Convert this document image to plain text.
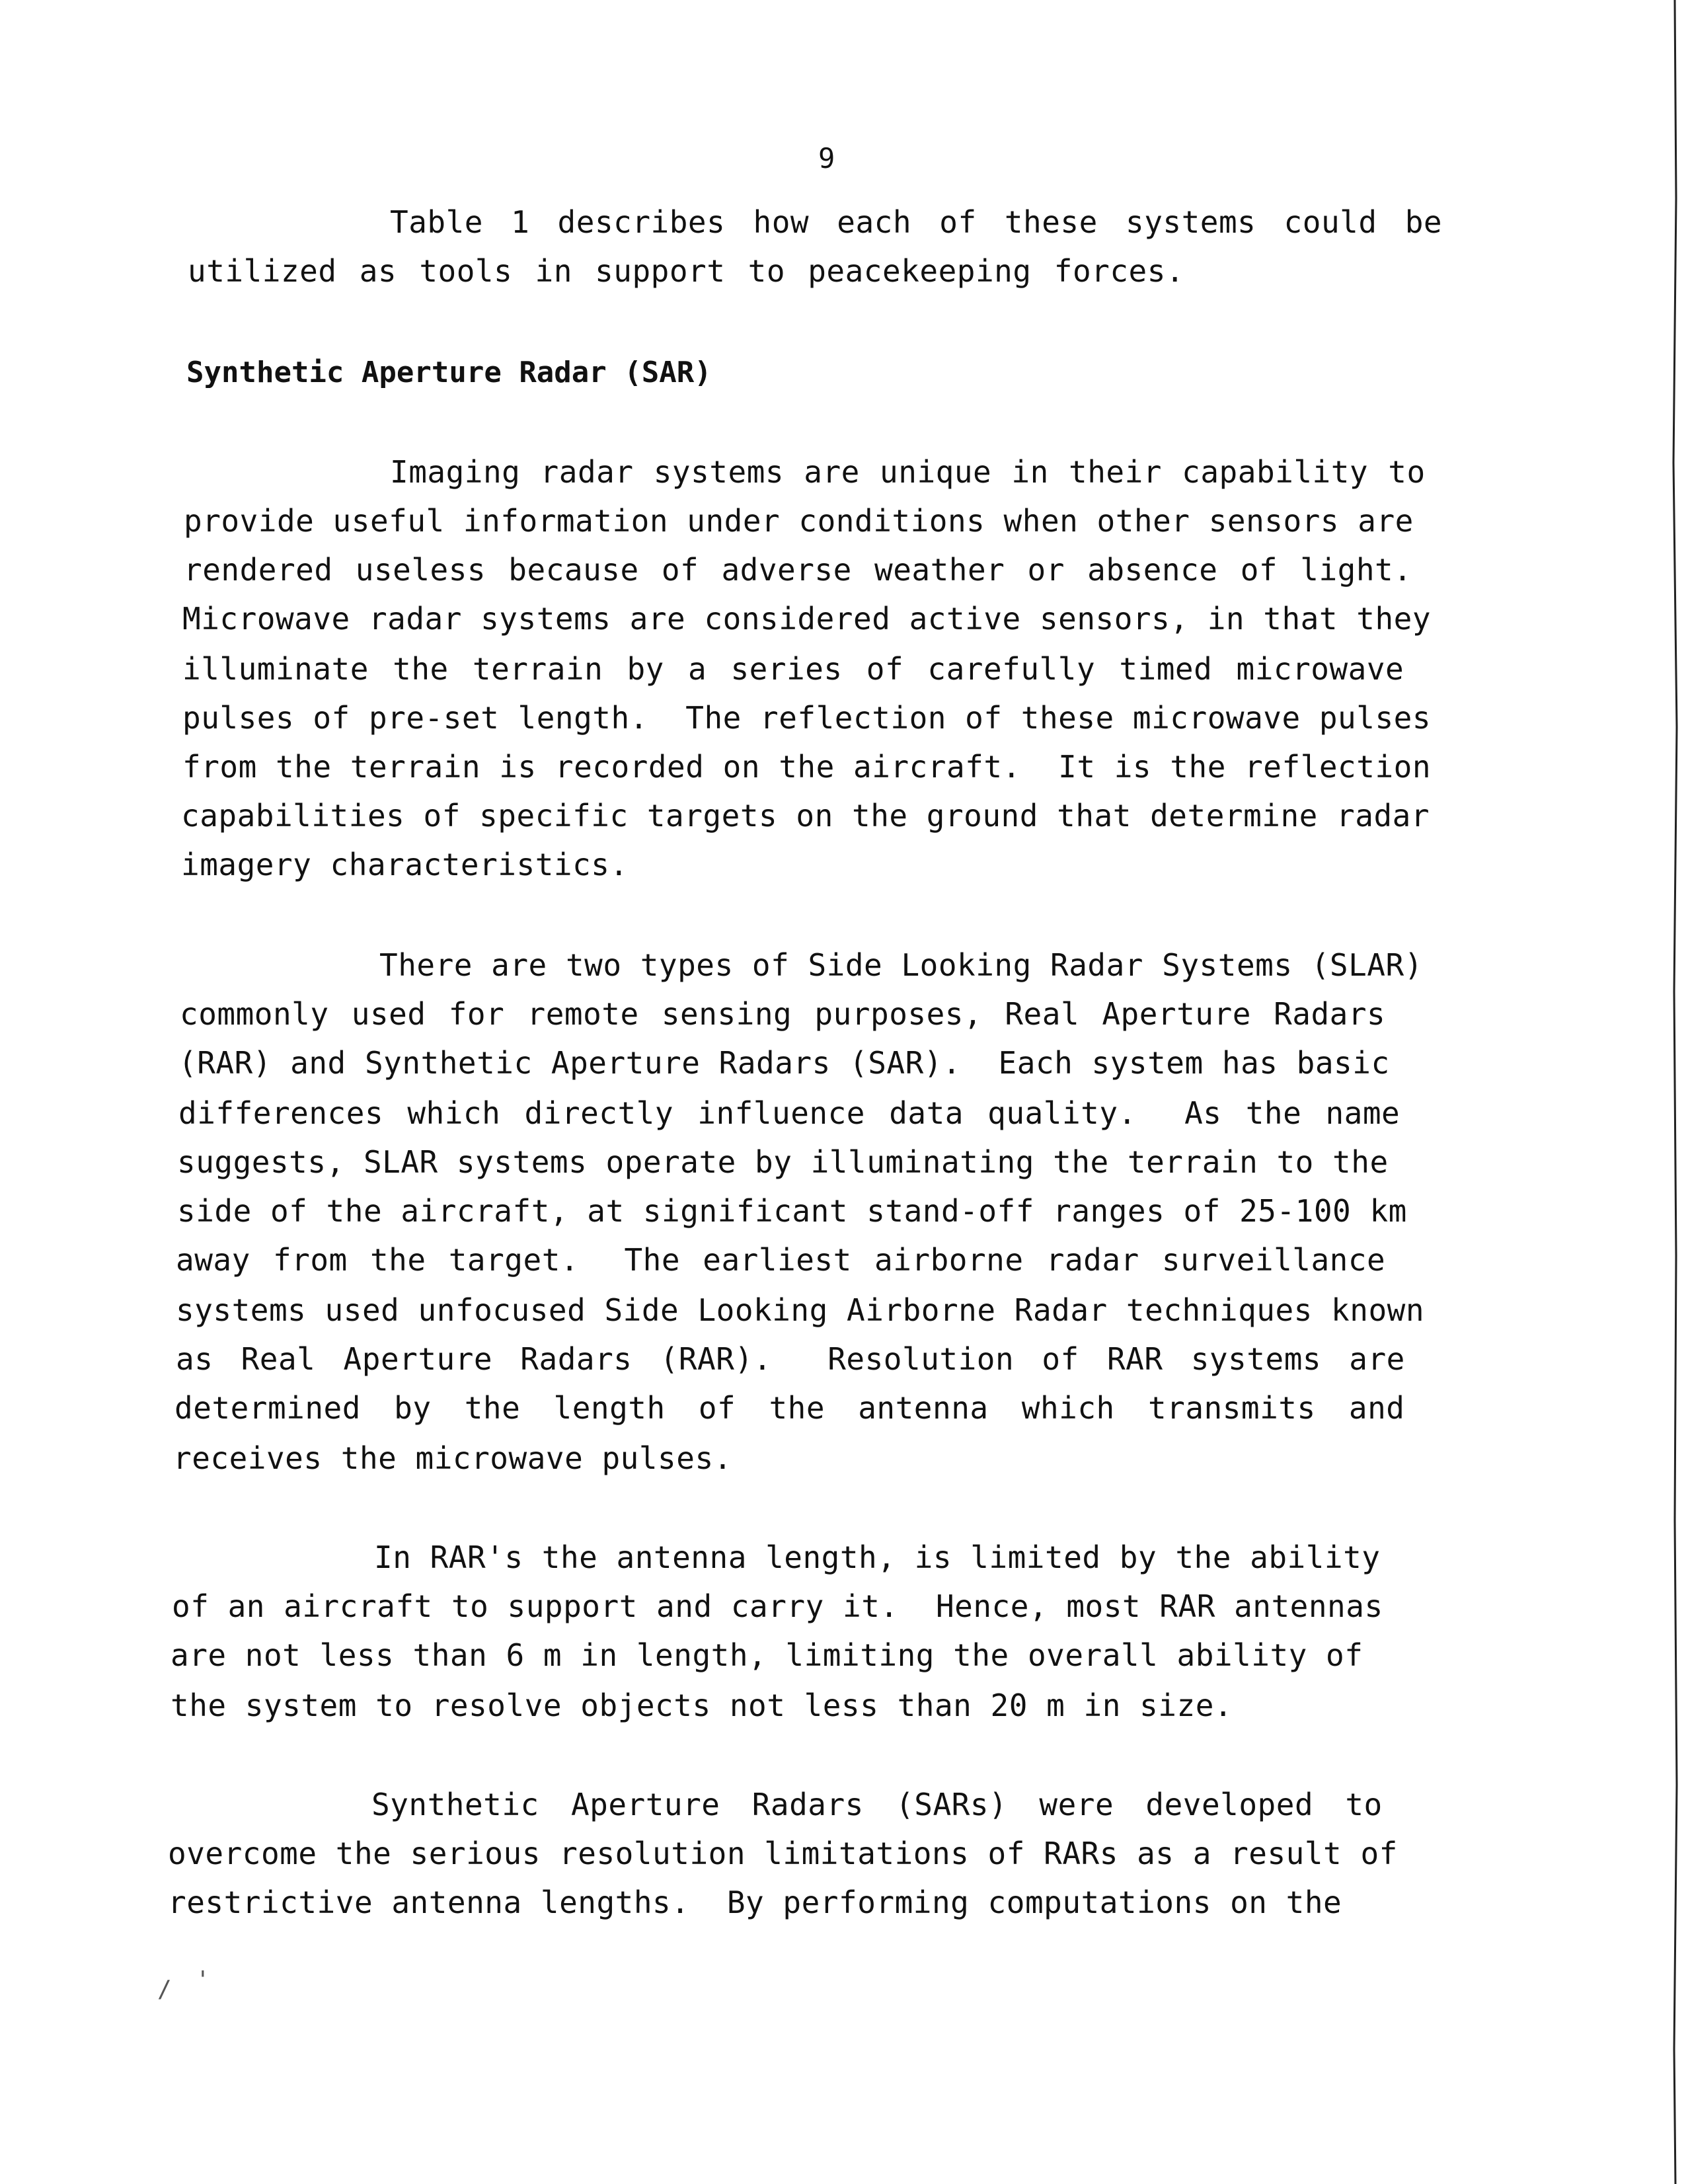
9
Table 1 describes how each of these systems could be
utilized as tools in support to peacekeeping forces.
Synthetic Aperture Radar (SAR)
Imaging radar systems are unique in their capability to
provide useful information under conditions when other sensors are
rendered useless because of adverse weather or absence of light.
Microwave radar systems are considered active sensors, in that they
illuminate the terrain by a series of carefully timed microwave
pulses of pre-set length.  The reflection of these microwave pulses
from the terrain is recorded on the aircraft.  It is the reflection
capabilities of specific targets on the ground that determine radar
imagery characteristics.
There are two types of Side Looking Radar Systems (SLAR)
commonly used for remote sensing purposes, Real Aperture Radars
(RAR) and Synthetic Aperture Radars (SAR).  Each system has basic
differences which directly influence data quality.  As the name
suggests, SLAR systems operate by illuminating the terrain to the
side of the aircraft, at significant stand-off ranges of 25-100 km
away from the target.  The earliest airborne radar surveillance
systems used unfocused Side Looking Airborne Radar techniques known
as Real Aperture Radars (RAR).  Resolution of RAR systems are
determined by the length of the antenna which transmits and
receives the microwave pulses.
In RAR's the antenna length, is limited by the ability
of an aircraft to support and carry it.  Hence, most RAR antennas
are not less than 6 m in length, limiting the overall ability of
the system to resolve objects not less than 20 m in size.
Synthetic Aperture Radars (SARs) were developed to
overcome the serious resolution limitations of RARs as a result of
restrictive antenna lengths.  By performing computations on the
/ '
